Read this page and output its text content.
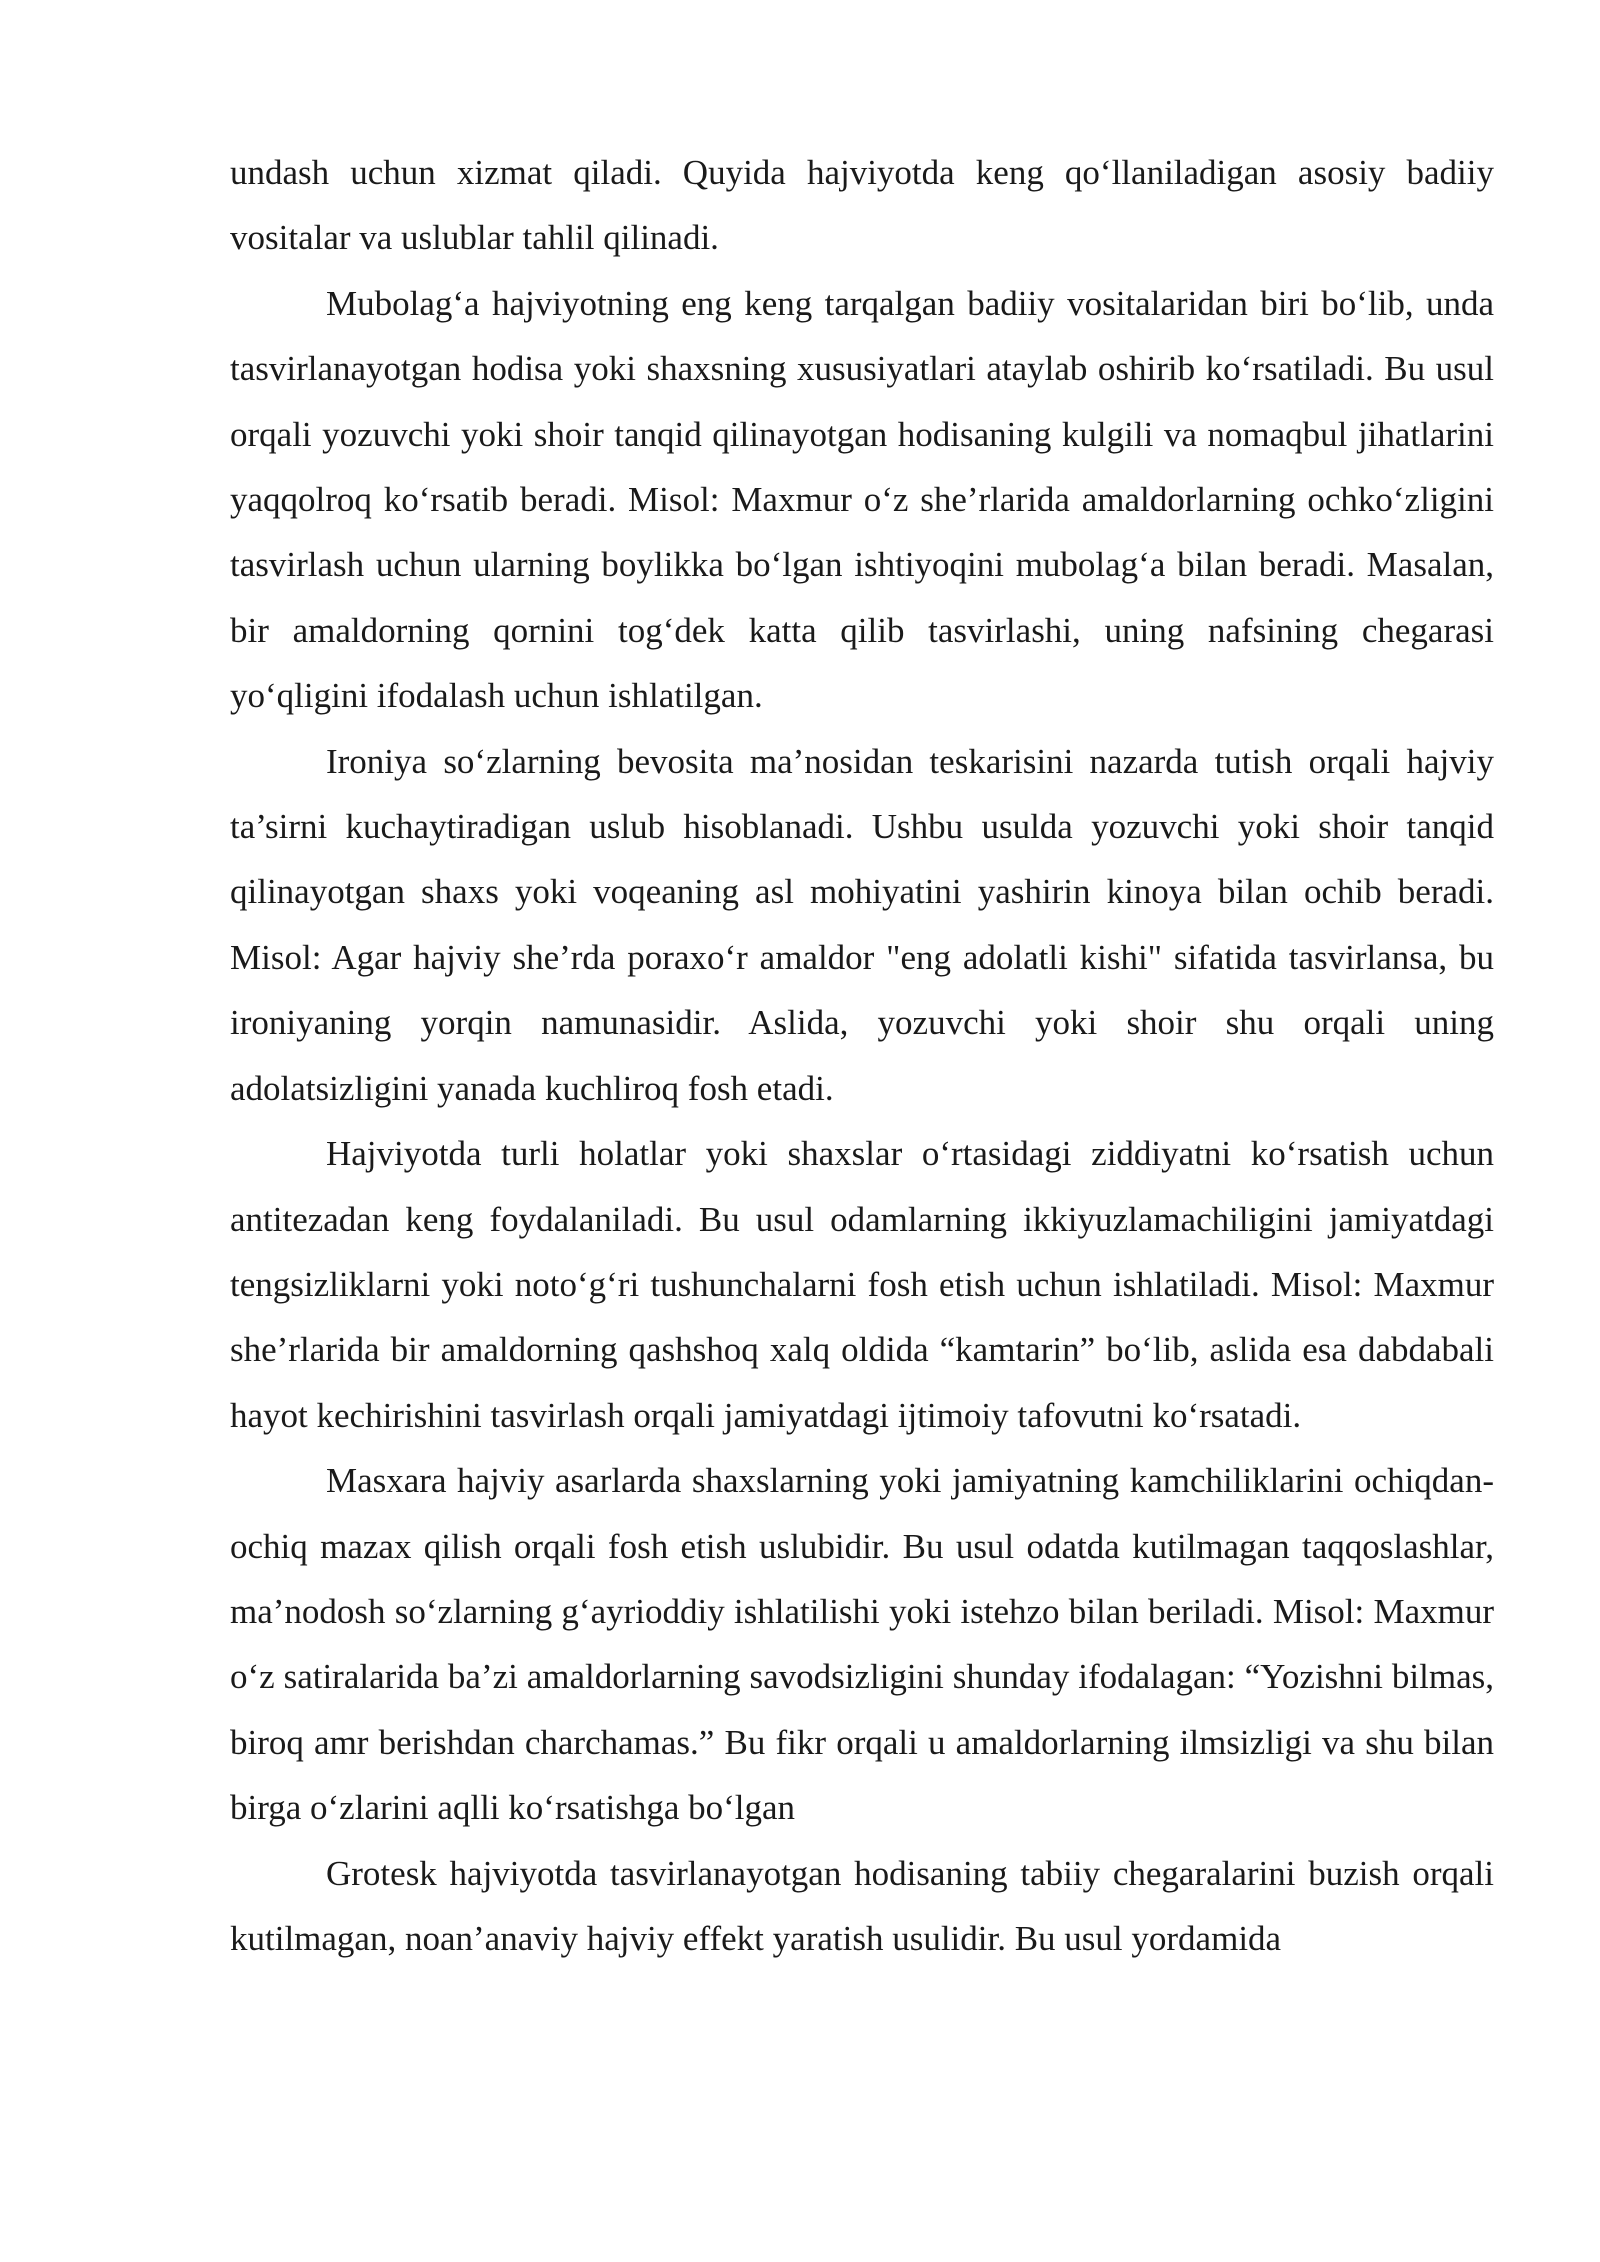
undash uchun xizmat qiladi. Quyida hajviyotda keng qo‘llaniladigan asosiy badiiy vositalar va uslublar tahlil qilinadi.

Mubolag‘a hajviyotning eng keng tarqalgan badiiy vositalaridan biri bo‘lib, unda tasvirlanayotgan hodisa yoki shaxsning xususiyatlari ataylab oshirib ko‘rsatiladi. Bu usul orqali yozuvchi yoki shoir tanqid qilinayotgan hodisaning kulgili va nomaqbul jihatlarini yaqqolroq ko‘rsatib beradi. Misol: Maxmur o‘z she’rlarida amaldorlarning ochko‘zligini tasvirlash uchun ularning boylikka bo‘lgan ishtiyoqini mubolag‘a bilan beradi. Masalan, bir amaldorning qornini tog‘dek katta qilib tasvirlashi, uning nafsining chegarasi yo‘qligini ifodalash uchun ishlatilgan.

Ironiya so‘zlarning bevosita ma’nosidan teskarisini nazarda tutish orqali hajviy ta’sirni kuchaytiradigan uslub hisoblanadi. Ushbu usulda yozuvchi yoki shoir tanqid qilinayotgan shaxs yoki voqeaning asl mohiyatini yashirin kinoya bilan ochib beradi. Misol: Agar hajviy she’rda poraxo‘r amaldor "eng adolatli kishi" sifatida tasvirlansa, bu ironiyaning yorqin namunasidir. Aslida, yozuvchi yoki shoir shu orqali uning adolatsizligini yanada kuchliroq fosh etadi.

Hajviyotda turli holatlar yoki shaxslar o‘rtasidagi ziddiyatni ko‘rsatish uchun antitezadan keng foydalaniladi. Bu usul odamlarning ikkiyuzlamachiligini jamiyatdagi tengsizliklarni yoki noto‘g‘ri tushunchalarni fosh etish uchun ishlatiladi. Misol: Maxmur she’rlarida bir amaldorning qashshoq xalq oldida “kamtarin” bo‘lib, aslida esa dabdabali hayot kechirishini tasvirlash orqali jamiyatdagi ijtimoiy tafovutni ko‘rsatadi.

Masxara hajviy asarlarda shaxslarning yoki jamiyatning kamchiliklarini ochiqdan-ochiq mazax qilish orqali fosh etish uslubidir. Bu usul odatda kutilmagan taqqoslashlar, ma’nodosh so‘zlarning g‘ayrioddiy ishlatilishi yoki istehzo bilan beriladi. Misol: Maxmur o‘z satiralarida ba’zi amaldorlarning savodsizligini shunday ifodalagan: “Yozishni bilmas, biroq amr berishdan charchamas.” Bu fikr orqali u amaldorlarning ilmsizligi va shu bilan birga o‘zlarini aqlli ko‘rsatishga bo‘lgan

Grotesk hajviyotda tasvirlanayotgan hodisaning tabiiy chegaralarini buzish orqali kutilmagan, noan’anaviy hajviy effekt yaratish usulidir. Bu usul yordamida
